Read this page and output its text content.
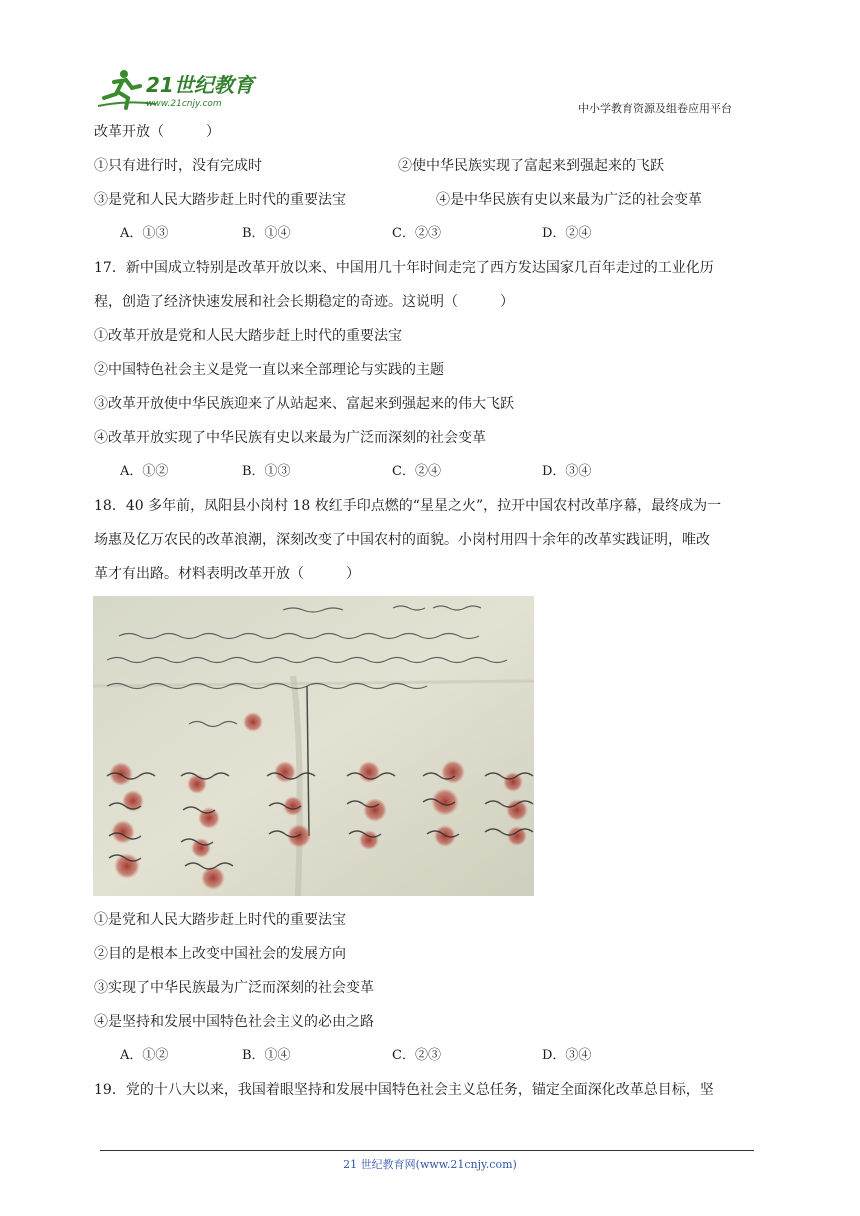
21世纪教育
www.21cnjy.com	中小学教育资源及组卷应用平台
改革开放（　　　）
①只有进行时，没有完成时	②使中华民族实现了富起来到强起来的飞跃
③是党和人民大踏步赶上时代的重要法宝	④是中华民族有史以来最为广泛的社会变革
A．①③	B．①④	C．②③	D．②④
17．新中国成立特别是改革开放以来、中国用几十年时间走完了西方发达国家几百年走过的工业化历
程，创造了经济快速发展和社会长期稳定的奇迹。这说明（　　　）
①改革开放是党和人民大踏步赶上时代的重要法宝
②中国特色社会主义是党一直以来全部理论与实践的主题
③改革开放使中华民族迎来了从站起来、富起来到强起来的伟大飞跃
④改革开放实现了中华民族有史以来最为广泛而深刻的社会变革
A．①②	B．①③	C．②④	D．③④
18．40 多年前，凤阳县小岗村 18 枚红手印点燃的“星星之火”，拉开中国农村改革序幕，最终成为一
场惠及亿万农民的改革浪潮，深刻改变了中国农村的面貌。小岗村用四十余年的改革实践证明，唯改
革才有出路。材料表明改革开放（　　　）
①是党和人民大踏步赶上时代的重要法宝
②目的是根本上改变中国社会的发展方向
③实现了中华民族最为广泛而深刻的社会变革
④是坚持和发展中国特色社会主义的必由之路
A．①②	B．①④	C．②③	D．③④
19．党的十八大以来，我国着眼坚持和发展中国特色社会主义总任务，锚定全面深化改革总目标，坚
21 世纪教育网(www.21cnjy.com)
